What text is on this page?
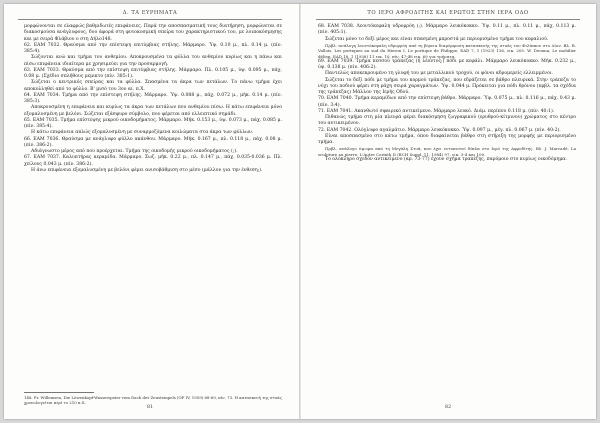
Δ. ΤΑ ΕΥΡΗΜΑΤΑ

μορφώνονται σε ελαφρώς βαθμιδωτές επιφάνειες. Παρά την αποσπασματική τους διατήρηση, μορφώνεται σε διακοσμούσα ανάγλυφους, δυο άφορά στη φυτοκοσμική σπείρα του χαρακτηριστικού του, με λοιποκόσμησης και με σειρά Φλάβιου ο στη Δήλο148.

62. ΕΑΜ 7032. Θραύσμα από την επίστεψη επιτύμβιας στήλης. Μάρμαρο. Ύψ. 0.10 μ., πλ. 0.14 μ. (πίν. 385:4).

Σώζονται ανώ και τμήμα του ανθεμίου. Αποκρουσμένα τα φύλλα του ανθεμίου κυρίως και η πάνω και πίσω επιφάνεια ιδιαίτερα με χρησιμεύει για την προσαρμογή.

63. ΕΑΜ 7033. Θραύσμα από την επίστεψη επιτύμβιας στήλης. Μάρμαρο. Πλ. 0.105 μ., ύψ. 0.095 μ., πάχ. 0.08 μ. (Σχέδιο σπλήθους μεμικτο (πίν. 385:1).

Σώζεται ο κεντρικός σπείρας και τα φύλλα. Σπασμένα τα άκρα των πετάλων. Το πάνω τμήμα έχει αποκολληθεί από το φύλλο. Β' μισό του 3ου αι. π.Χ.

64. ΕΑΜ 7034. Τμήμα από την επίστεψη στήλης. Μάρμαρο. Ύψ. 0.088 μ., πάχ. 0.072 μ., μήκ. 0.14 μ. (πίν. 385:3).

Αποκρουσμένη η επιφάνεια και κυρίως τα άκρα των πετάλων που ανθεμίου πίσω. Η κάτω επιφάνεια μόνο εξομαλυσμένη με βελόνι. Σώζεται εξάσφυρο σύμβολο, που φέρεται από ελλειπτικό σημάδι.

65. ΕΑΜ 7035. Τμήμα επίστεψης μικρού οικοδομήματος. Μάρμαρο. Μήκ. 0.153 μ., ύψ. 0.073 μ., πάχ. 0.085 μ. (πίν. 385:4).

Η κάτω επιφάνεια απλώς εξομαλυσμένη με συναρμοζόμενα κοιλώματα στα άκρα των φύλλων.

66. ΕΑΜ 7036. Θραύσμα με ανάγλυφο φύλλο ακάνθου. Μάρμαρο. Μήκ. 0.167 μ., πλ. 0.118 μ., πάχ. 0.08 μ. (πίν. 386:2).

Αδιάγνωστο μέρος από που προέρχεται. Τμήμα της οικοδομής μικρού οικοδομήματος (;).

67. ΕΑΜ 7037. Καλυπτήρας κεραμίδα. Μάρμαρο. Σωζ. μήκ. 0.22 μ., πλ. 0.147 μ., πάχ. 0.035-0.036 μ. Πλ. χείλους 0.043 μ. (πίν. 386:2).

Η άνω επιφάνεια εξομαλυσμένη με βελόνι φέρει ανισοβάθμιση στο μέσο (μάλλον για την ένθεση;).

148. Fr. Willemsen, Die Löwenkopf-Wasserspeier vom Dach des Zeustempels (OF IV, 1959) 68-69, πίν. 73. Η κατασκευή της στοάς χρονολογείται περί το 210 π.Χ.
81
ΤΟ ΙΕΡΟ ΑΦΡΟΔΙΤΗΣ ΚΑΙ ΕΡΩΤΟΣ ΣΤΗΝ ΙΕΡΑ ΟΔΟ

68. ΕΑΜ 7038. Λεοντόκεφαλη υδρορρόη (;). Μάρμαρο λευκόκοκκο. Ύψ. 0.11 μ., πλ. 0.11 μ., πάχ. 0.113 μ. (πίν. 405:1).

Σώζεται μόνο το δεξί μέρος και είναι σπασμένη μπροστά με περιορισμένο τμήμα του κεφαλιού.

Πρβλ. ανάλογη λεοντόκεφαλη υδρορρόη από τη βόρεια διαμόρφωση κατασκευής της στοάς του Φιλίππου στο Δίον. Βλ. R. Vallois, Les portiques au sud du Hieron I, Le portique de Philippe, EAD 7, 1 (1923) 136, εικ. 205. W. Deonna, Le mobilier délien, EAD 18, 1 (1938) 11 εικ. 10, πίν. 47-48 εικ. 69 για τμήματα.

69. ΕΑΜ 7039. Τμήμα πεσσού τράπεζας (ή λέοντος;) πόδι με κεφάλι. Μάρμαρο λευκόκοκκο. Μήκ. 0.232 μ., ύψ. 0.138 μ. (πίν. 406:2).

Παντελώς αποκεκρουμένο τη γλυφή του με μεταλλικού τροχού, οι φόνοι αδρομερείς ελλειμμένοι.

Σώζεται το δεξί πόδι με τμήμα του κορμού τράπεζας, που εδράζεται σε βάθρο πλευρικά. Στην τράπεζα το νύχι του ποδιού φέρει στη ράχη σειρά χαραγμάτων. Ύψ. 0.044 μ. Πρόκειται για πόδι θρόνου (πρβλ. τα σχέδια της τράπεζας) Μάλλον της Ιερής Οδού.

70. ΕΑΜ 7040. Τμήμα κεραμίδων από την επίστεψη βάθρο. Μάρμαρο. Ύψ. 0.075 μ., πλ. 0.116 μ., πάχ. 0.43 μ. (πίν. 3:4).

71. ΕΑΜ 7041. Ακανθωτό σφαιρικό αντικείμενο. Μάρμαρο λευκό. Διάμ. περίπου 0.118 μ. (πίν. 40:1).

Πιθανώς τμήμα στη μία πλευρά φέρει διακόσμηση ζωγραφικού (ερυθρού-κίτρινου) χρώματος στο κέντρο του αντικειμένου.

72. ΕΑΜ 7042. Ολόγλυφο αγαλμάτιο. Μάρμαρο λευκόκοκκο. Ύψ. 0.097 μ., μέγ. πλ. 0.067 μ. (πίν. 40:2).

Είναι αποσπασμένο στο κάτω τμήμα, όπου διαφαίνεται βάθρο στη στήριξη της μορφής με περιορισμένο τμήμα.

Πρβλ. ανάλογο ύψωμα από τη Μεγάλη Στοά, που έχει εντοπιστεί δίπλα στο Ιερό της Αφροδίτης. Βλ. J. Marcadé, La sculpture au pierre, L'Autre Corinth II (BCH Suppl. 11, 1984) 97, εικ. 3-4 και 100.

Το ολόκληρο σχεδόν αντικείμενο (αρ. 73-77) έχουν σχήμα τραπέζης, παρόμοιο στο κυρίως οικοδόμημα.

82
